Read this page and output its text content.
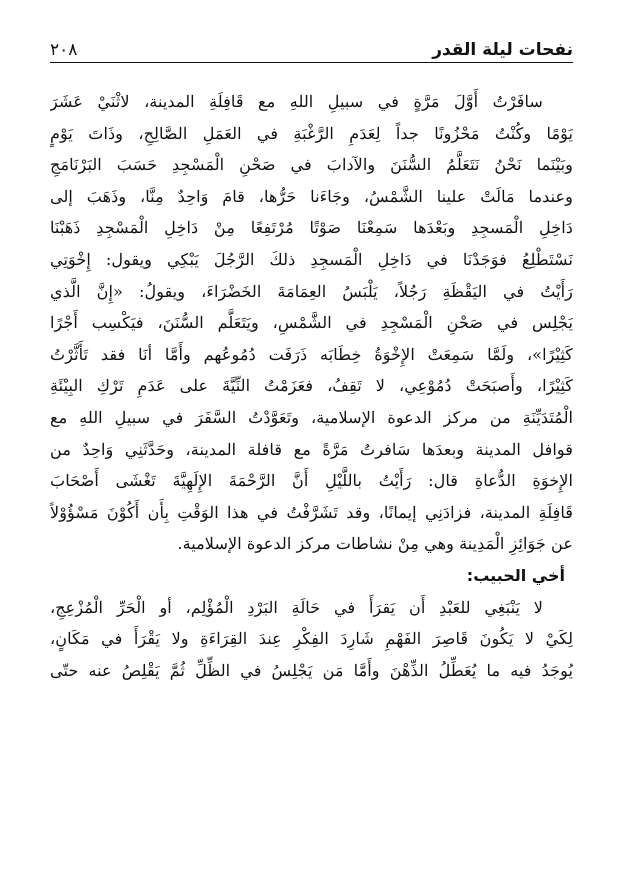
نفحات ليلة القدر
٢٠٨
سافَرْتُ أَوَّلَ مَرَّةٍ في سبيلِ اللهِ مع قَافِلَةِ المدينة، لاثْنَيْ عَشَرَ
يَوْمًا وكُنْتُ مَحْزُونًا جداً لِعَدَمِ الرَّغْبَةِ في العَمَلِ الصَّالِحِ، وذَاتَ يَوْمٍ
وبَيْنَما نَحْنُ نَتَعَلَّمُ السُّنَنَ والآدابَ في صَحْنِ الْمَسْجِدِ حَسَبَ البَرْنَامَجِ
وعندما مَالَتْ علينا الشَّمْسُ، وجَاءَنا حَرُّها، قامَ وَاحِدٌ مِنَّا، وذَهَبَ إلى
دَاخِلِ الْمَسجِدِ وبَعْدَها سَمِعْنَا صَوْتًا مُرْتَفِعًا مِنْ دَاخِلِ الْمَسْجِدِ ذَهَبْنَا
نَسْتَطْلِعُ فوَجَدْنَا في دَاخِلِ الْمَسجِدِ ذلكَ الرَّجُلَ يَبْكِي ويقول: إِخْوَتِي
رَأَيْتُ في اليَقْظَةِ رَجُلاً، يَلْبَسُ العِمَامَةَ الخَضْرَاءَ، ويقولُ: «إِنَّ الَّذي
يَجْلِس في صَحْنِ الْمَسْجِدِ في الشَّمْسِ، ويَتَعَلَّم السُّنَنَ، فيَكْسِب أَجْرًا
كَثِيْرًا»، ولَمَّا سَمِعَتْ الإِخْوَةُ خِطَابَه ذَرَفَت دُمُوعُهم وأَمَّا أنَا فقد تَأَثَّرْتُ
كَثِيْرًا، وأَصبَحَتْ دُمُوْعِي، لا تَقِفُ، فعَزَمْتُ النِّيَّةَ على عَدَمِ تَرْكِ البِيْئَةِ
الْمُتَدَيِّنَةِ من مركز الدعوة الإسلامية، وتَعَوَّدْتُ السَّفَرَ في سبيلِ اللهِ مع
قوافل المدينة وبعدَها سَافرتُ مَرَّةً مع قافلة المدينة، وحَدَّثَنِي وَاحِدٌ من
الإِخوَةِ الدُّعاةِ قال: رَأَيْتُ باللَّيْلِ أَنَّ الرَّحْمَةَ الإِلَهِيَّةَ تَغْشَى أَصْحَابَ
قَافِلَةِ المدينة، فزادَنِي إيمانًا، وقد تَشَرَّفْتُ في هذا الوَقْتِ بِأَن أَكُوْنَ مَسْؤُوْلاً
عن جَوَائِزِ الْمَدِينة وهي مِنْ نشاطات مركز الدعوة الإسلامية.
أخي الحبيب:
لا يَنْبَغِي للعَبْدِ أَن يَقرَأَ في حَالَةِ البَرْدِ الْمُؤْلِم، أو الْحَرِّ الْمُزْعِجِ،
لِكَيْ لا يَكُونَ قَاصِرَ الفَهْمِ شَارِدَ الفِكْرِ عِندَ القِرَاءَةِ ولا يَقْرَأَ في مَكَانٍ،
يُوجَدُ فيه ما يُعَطِّلُ الذِّهْنَ وأَمَّا مَن يَجْلِسُ في الظِّلِّ ثُمَّ يَقْلِصُ عنه حتّى
